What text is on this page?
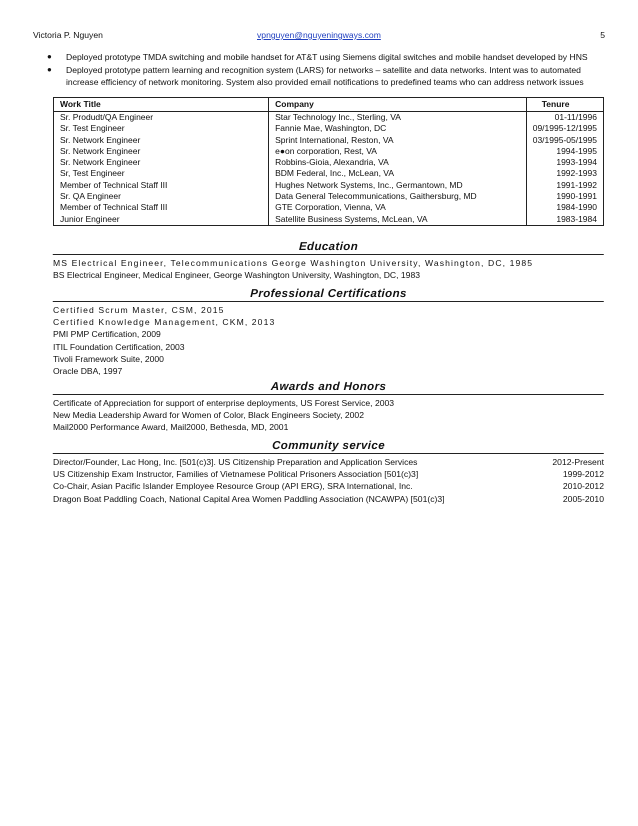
Victoria P. Nguyen	vpnguyen@nguyeningways.com	5
● Deployed prototype TMDA switching and mobile handset for AT&T using Siemens digital switches and mobile handset developed by HNS
● Deployed prototype pattern learning and recognition system (LARS) for networks – satellite and data networks. Intent was to automated increase efficiency of network monitoring. System also provided email notifications to predefined teams who can address network issues
Work Title	Company	Tenure
Sr. Produdt/QA Engineer	Star Technology Inc., Sterling, VA	01-11/1996
Sr. Test Engineer	Fannie Mae, Washington, DC	09/1995-12/1995
Sr. Network Engineer	Sprint International, Reston, VA	03/1995-05/1995
Sr. Network Engineer	e●on corporation, Rest, VA	1994-1995
Sr. Network Engineer	Robbins-Gioia, Alexandria, VA	1993-1994
Sr, Test Engineer	BDM Federal, Inc., McLean, VA	1992-1993
Member of Technical Staff III	Hughes Network Systems, Inc., Germantown, MD	1991-1992
Sr. QA Engineer	Data General Telecommunications, Gaithersburg, MD	1990-1991
Member of Technical Staff III	GTE Corporation, Vienna, VA	1984-1990
Junior Engineer	Satellite Business Systems, McLean, VA	1983-1984
Education
MS Electrical Engineer, Telecommunications George Washington University, Washington, DC, 1985
BS Electrical Engineer, Medical Engineer, George Washington University, Washington, DC, 1983
Professional Certifications
Certified Scrum Master, CSM, 2015
Certified Knowledge Management, CKM, 2013
PMI PMP Certification, 2009
ITIL Foundation Certification, 2003
Tivoli Framework Suite, 2000
Oracle DBA, 1997
Awards and Honors
Certificate of Appreciation for support of enterprise deployments, US Forest Service, 2003
New Media Leadership Award for Women of Color, Black Engineers Society, 2002
Mail2000 Performance Award, Mail2000, Bethesda, MD, 2001
Community service
Director/Founder, Lac Hong, Inc. [501(c)3]. US Citizenship Preparation and Application Services	2012-Present
US Citizenship Exam Instructor, Families of Vietnamese Political Prisoners Association [501(c)3]	1999-2012
Co-Chair, Asian Pacific Islander Employee Resource Group (API ERG), SRA International, Inc.	2010-2012
Dragon Boat Paddling Coach, National Capital Area Women Paddling Association (NCAWPA) [501(c)3]	2005-2010
